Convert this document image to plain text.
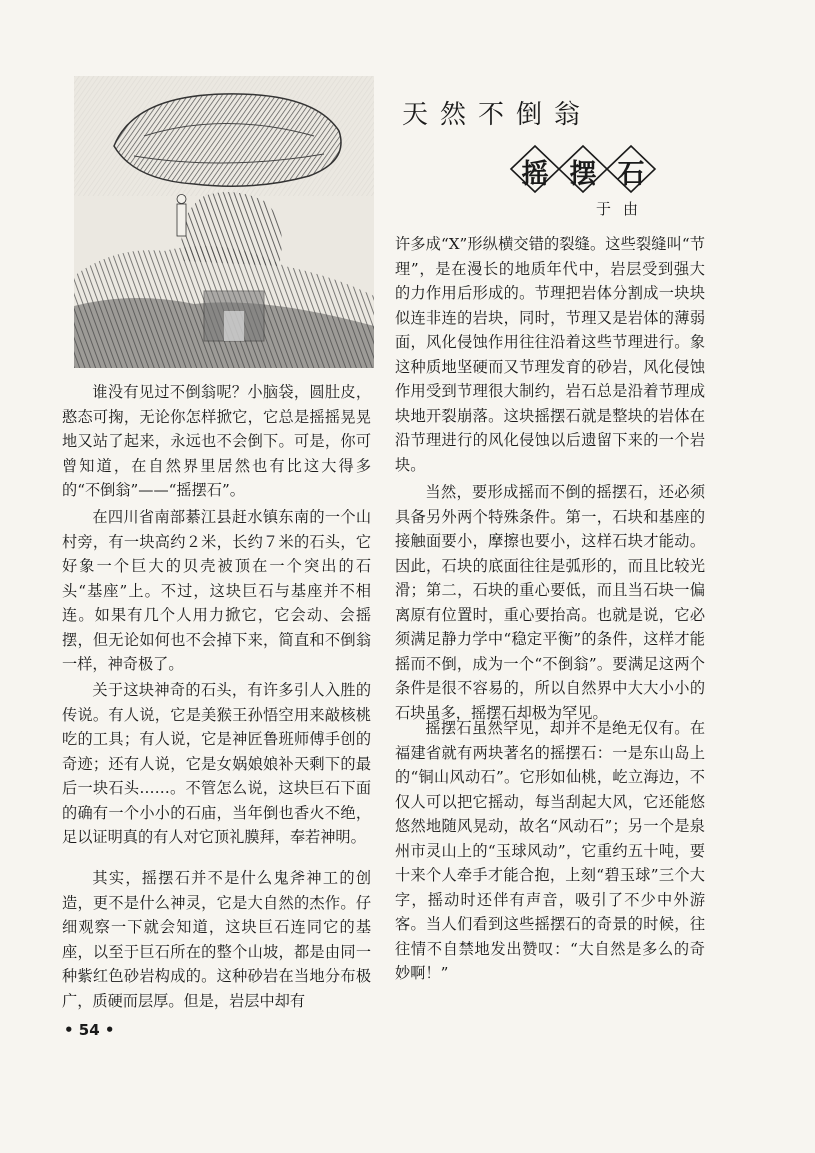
天然不倒翁
摇 摆 石
于由

谁没有见过不倒翁呢？小脑袋，圆肚皮，憨态可掬，无论你怎样掀它，它总是摇摇晃晃地又站了起来，永远也不会倒下。可是，你可曾知道，在自然界里居然也有比这大得多的“不倒翁”——“摇摆石”。

在四川省南部綦江县赶水镇东南的一个山村旁，有一块高约２米，长约７米的石头，它好象一个巨大的贝壳被顶在一个突出的石头“基座”上。不过，这块巨石与基座并不相连。如果有几个人用力掀它，它会动、会摇摆，但无论如何也不会掉下来，简直和不倒翁一样，神奇极了。

关于这块神奇的石头，有许多引人入胜的传说。有人说，它是美猴王孙悟空用来敲核桃吃的工具；有人说，它是神匠鲁班师傅手创的奇迹；还有人说，它是女娲娘娘补天剩下的最后一块石头……。不管怎么说，这块巨石下面的确有一个小小的石庙，当年倒也香火不绝，足以证明真的有人对它顶礼膜拜，奉若神明。

其实，摇摆石并不是什么鬼斧神工的创造，更不是什么神灵，它是大自然的杰作。仔细观察一下就会知道，这块巨石连同它的基座，以至于巨石所在的整个山坡，都是由同一种紫红色砂岩构成的。这种砂岩在当地分布极广，质硬而层厚。但是，岩层中却有

许多成“X”形纵横交错的裂缝。这些裂缝叫“节理”，是在漫长的地质年代中，岩层受到强大的力作用后形成的。节理把岩体分割成一块块似连非连的岩块，同时，节理又是岩体的薄弱面，风化侵蚀作用往往沿着这些节理进行。象这种质地坚硬而又节理发育的砂岩，风化侵蚀作用受到节理很大制约，岩石总是沿着节理成块地开裂崩落。这块摇摆石就是整块的岩体在沿节理进行的风化侵蚀以后遗留下来的一个岩块。

当然，要形成摇而不倒的摇摆石，还必须具备另外两个特殊条件。第一，石块和基座的接触面要小，摩擦也要小，这样石块才能动。因此，石块的底面往往是弧形的，而且比较光滑；第二，石块的重心要低，而且当石块一偏离原有位置时，重心要抬高。也就是说，它必须满足静力学中“稳定平衡”的条件，这样才能摇而不倒，成为一个“不倒翁”。要满足这两个条件是很不容易的，所以自然界中大大小小的石块虽多，摇摆石却极为罕见。

摇摆石虽然罕见，却并不是绝无仅有。在福建省就有两块著名的摇摆石：一是东山岛上的“铜山风动石”。它形如仙桃，屹立海边，不仅人可以把它摇动，每当刮起大风，它还能悠悠然地随风晃动，故名“风动石”；另一个是泉州市灵山上的“玉球风动”，它重约五十吨，要十来个人牵手才能合抱，上刻“碧玉球”三个大字，摇动时还伴有声音，吸引了不少中外游客。当人们看到这些摇摆石的奇景的时候，往往情不自禁地发出赞叹：“大自然是多么的奇妙啊！”

• 54 •
